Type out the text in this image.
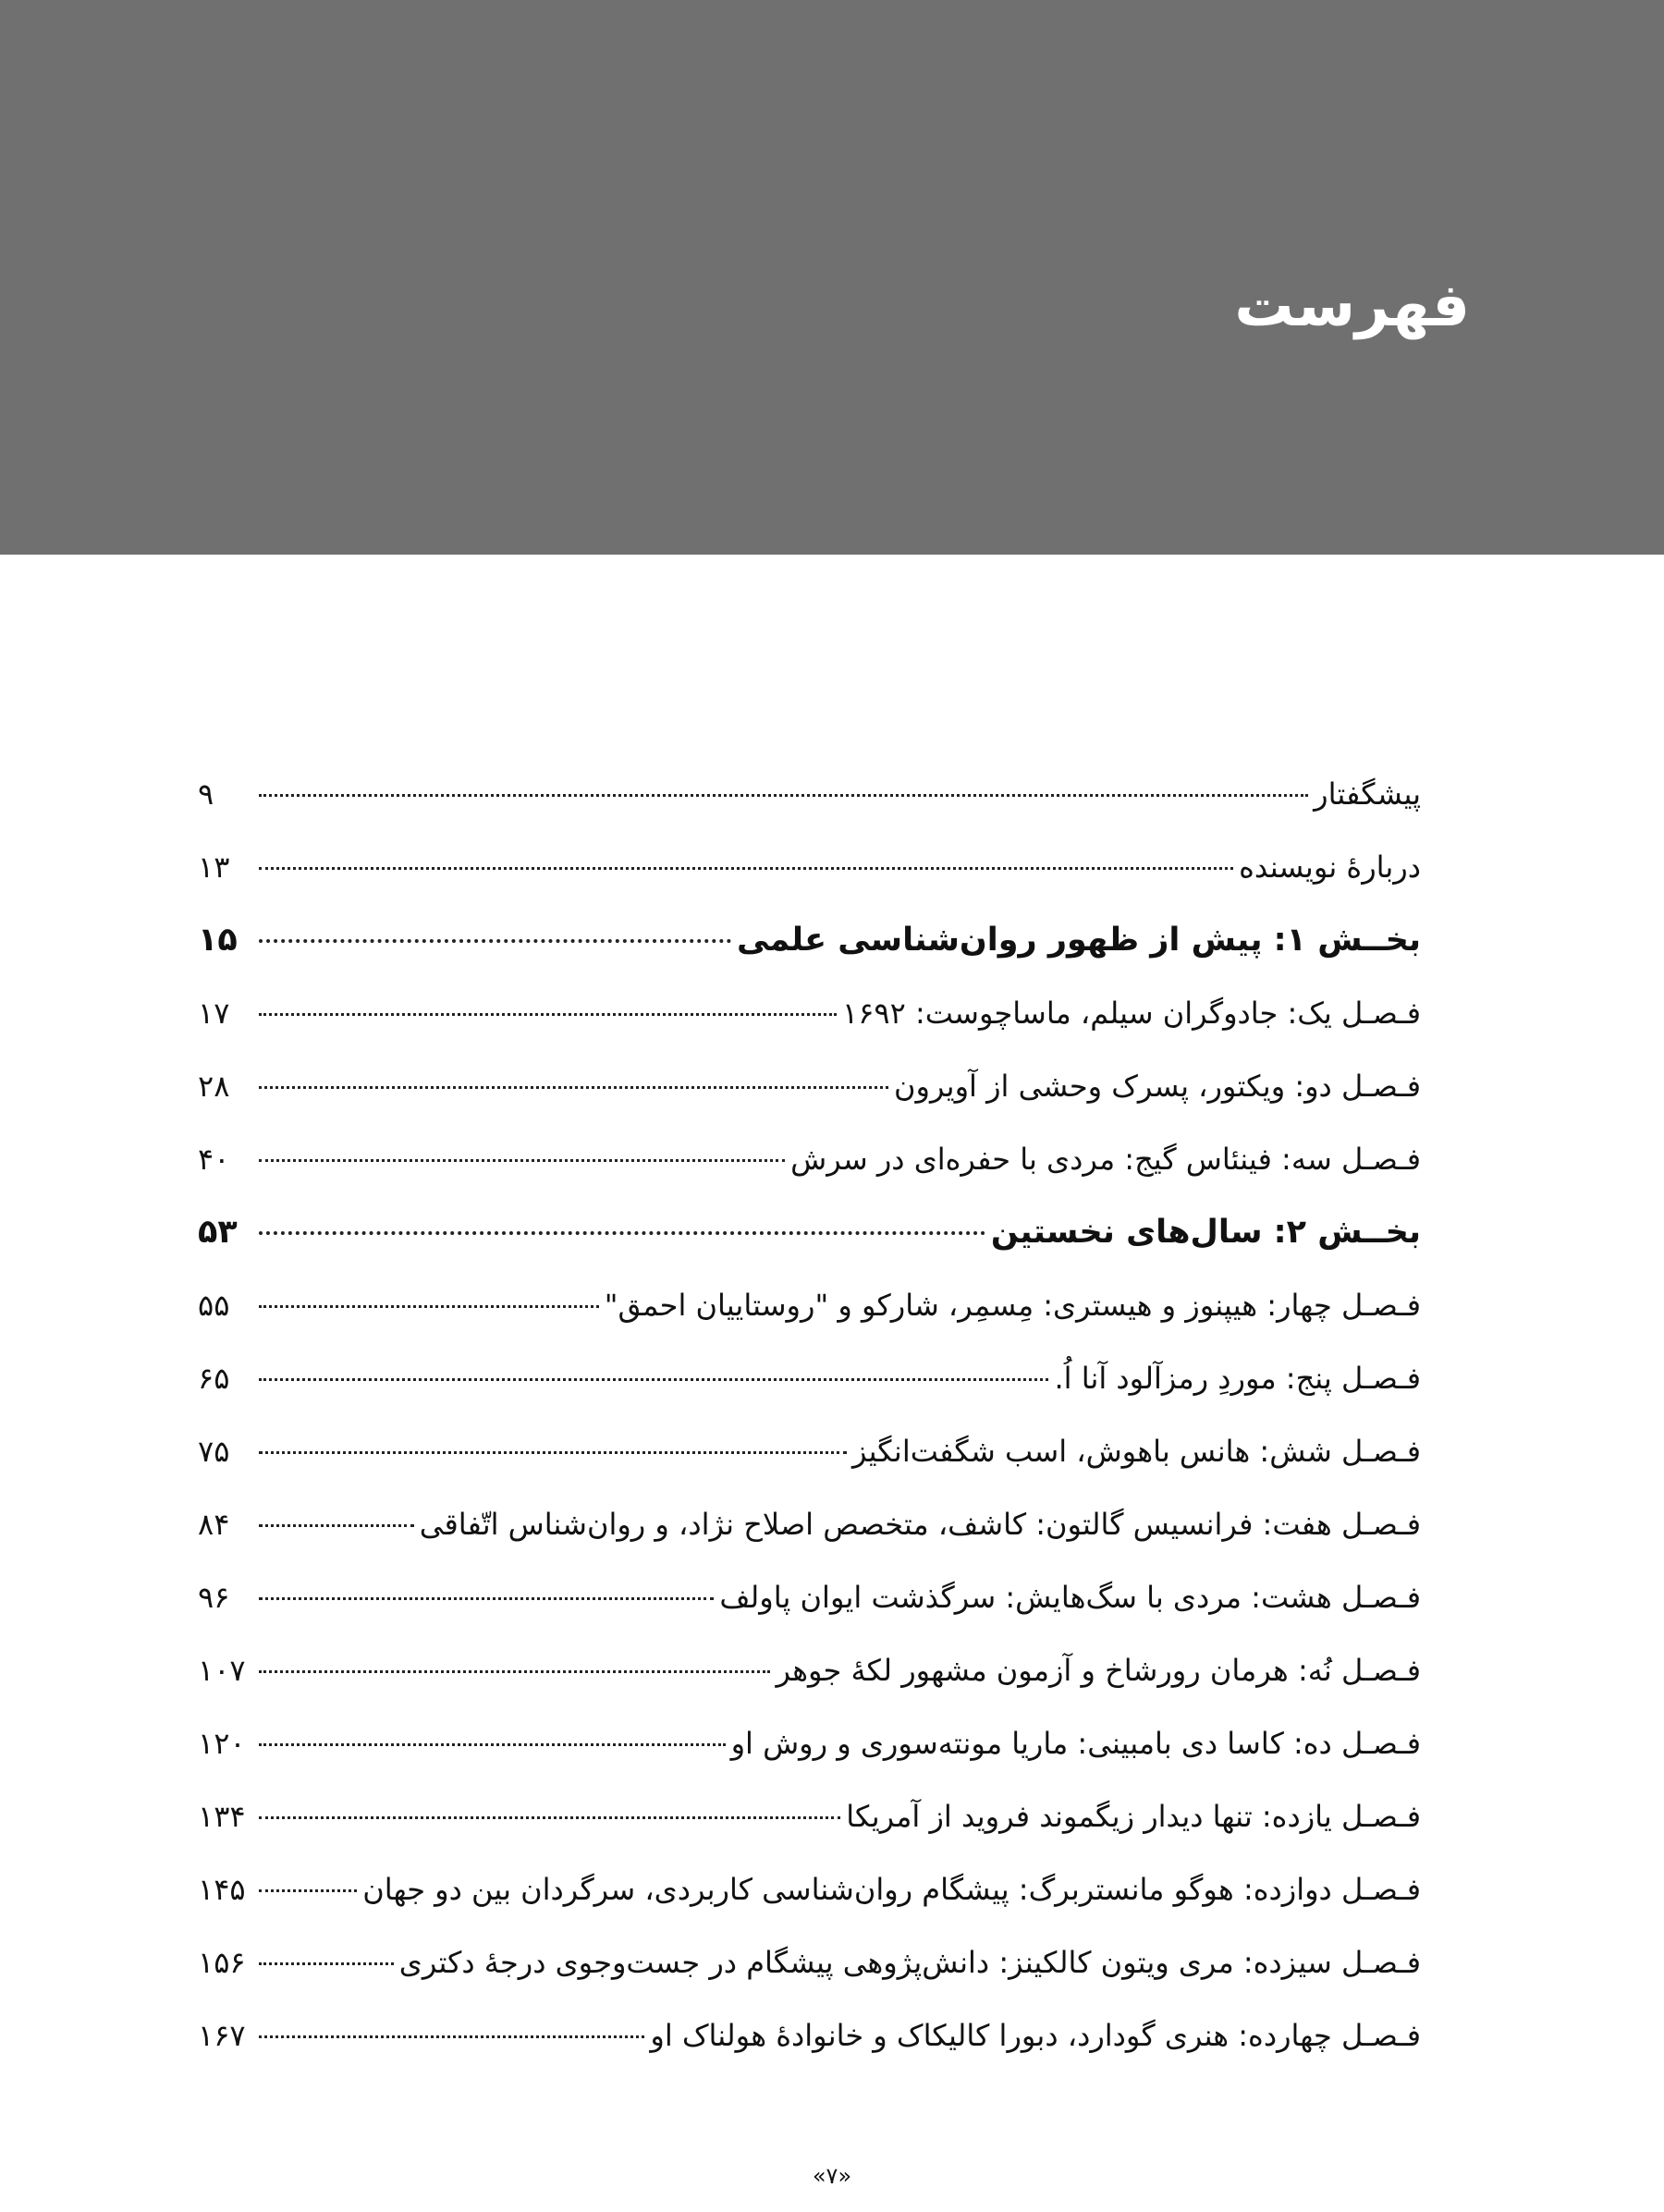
فهرست
پیشگفتار
۹
دربارهٔ نویسنده
۱۳
بخــش ۱: پیش از ظهور روان‌شناسی علمی
۱۵
فـصـل یک: جادوگران سیلم، ماساچوست: ۱۶۹۲
۱۷
فـصـل دو: ویکتور، پسرک وحشی از آویرون
۲۸
فـصـل سه: فینئاس گیج: مردی با حفره‌ای در سرش
۴۰
بخــش ۲: سال‌های نخستین
۵۳
فـصـل چهار: هیپنوز و هیستری: مِسمِر، شارکو و "روستاییان احمق"
۵۵
فـصـل پنج: موردِ رمزآلود آنا اُ.
۶۵
فـصـل شش: هانس باهوش، اسب شگفت‌انگیز
۷۵
فـصـل هفت: فرانسیس گالتون: کاشف، متخصص اصلاح نژاد، و روان‌شناس اتّفاقی
۸۴
فـصـل هشت: مردی با سگ‌هایش: سرگذشت ایوان پاولف
۹۶
فـصـل نُه: هرمان رورشاخ و آزمون مشهور لکهٔ جوهر
۱۰۷
فـصـل ده: کاسا دی بامبینی: ماریا مونته‌سوری و روش او
۱۲۰
فـصـل یازده: تنها دیدار زیگموند فروید از آمریکا
۱۳۴
فـصـل دوازده: هوگو مانستربرگ: پیشگام روان‌شناسی کاربردی، سرگردان بین دو جهان
۱۴۵
فـصـل سیزده: مری ویتون کالکینز: دانش‌پژوهی پیشگام در جست‌وجوی درجهٔ دکتری
۱۵۶
فـصـل چهارده: هنری گودارد، دبورا کالیکاک و خانوادهٔ هولناک او
۱۶۷
«۷»
